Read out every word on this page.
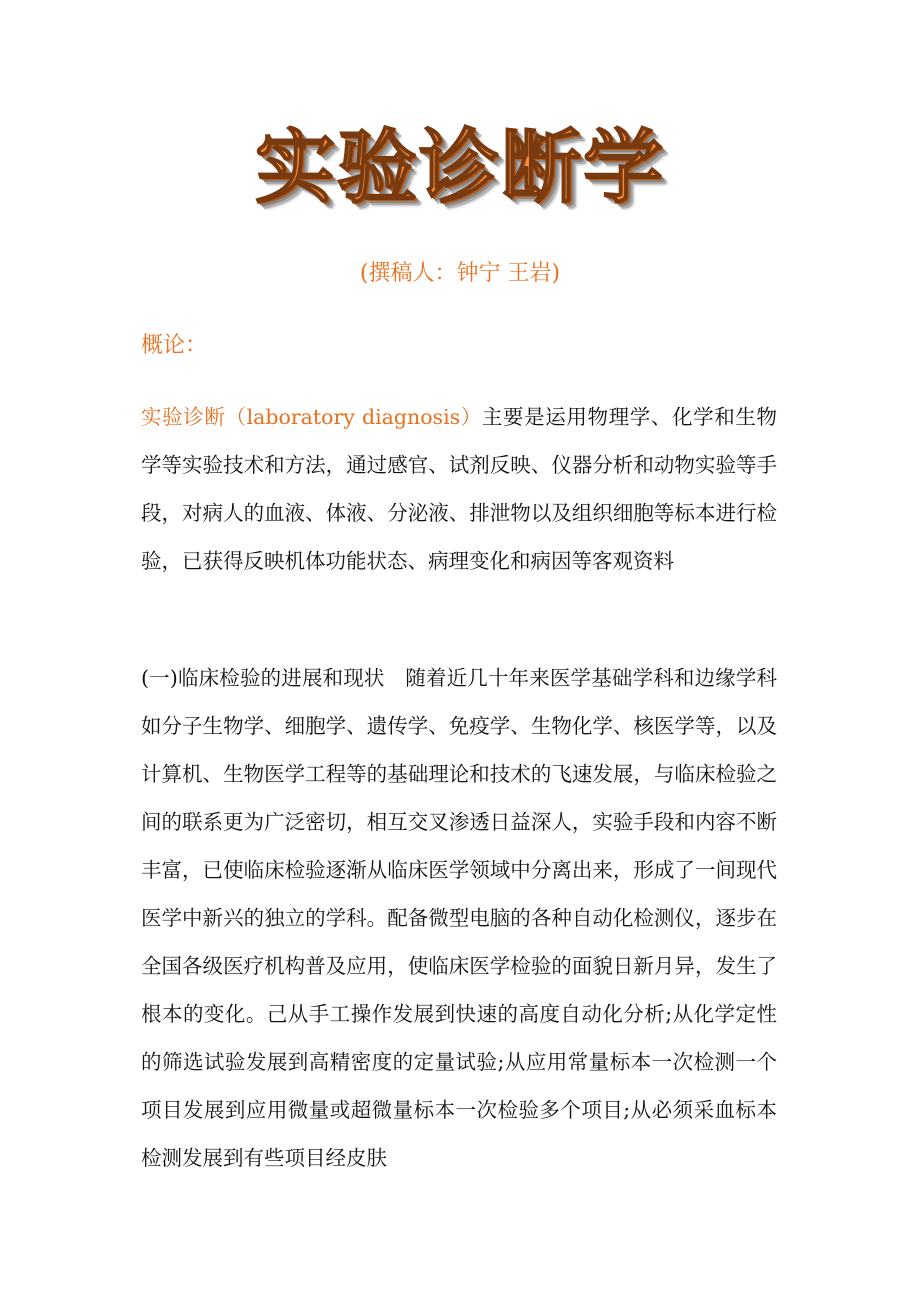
实验诊断学
(撰稿人：钟宁 王岩)
概论：
实验诊断（laboratory diagnosis）主要是运用物理学、化学和生物学等实验技术和方法，通过感官、试剂反映、仪器分析和动物实验等手段，对病人的血液、体液、分泌液、排泄物以及组织细胞等标本进行检验，已获得反映机体功能状态、病理变化和病因等客观资料
(一)临床检验的进展和现状　随着近几十年来医学基础学科和边缘学科如分子生物学、细胞学、遗传学、免疫学、生物化学、核医学等，以及计算机、生物医学工程等的基础理论和技术的飞速发展，与临床检验之间的联系更为广泛密切，相互交叉渗透日益深人，实验手段和内容不断丰富，已使临床检验逐渐从临床医学领域中分离出来，形成了一间现代医学中新兴的独立的学科。配备微型电脑的各种自动化检测仪，逐步在全国各级医疗机构普及应用，使临床医学检验的面貌日新月异，发生了根本的变化。己从手工操作发展到快速的高度自动化分析;从化学定性的筛选试验发展到高精密度的定量试验;从应用常量标本一次检测一个项目发展到应用微量或超微量标本一次检验多个项目;从必须采血标本检测发展到有些项目经皮肤
